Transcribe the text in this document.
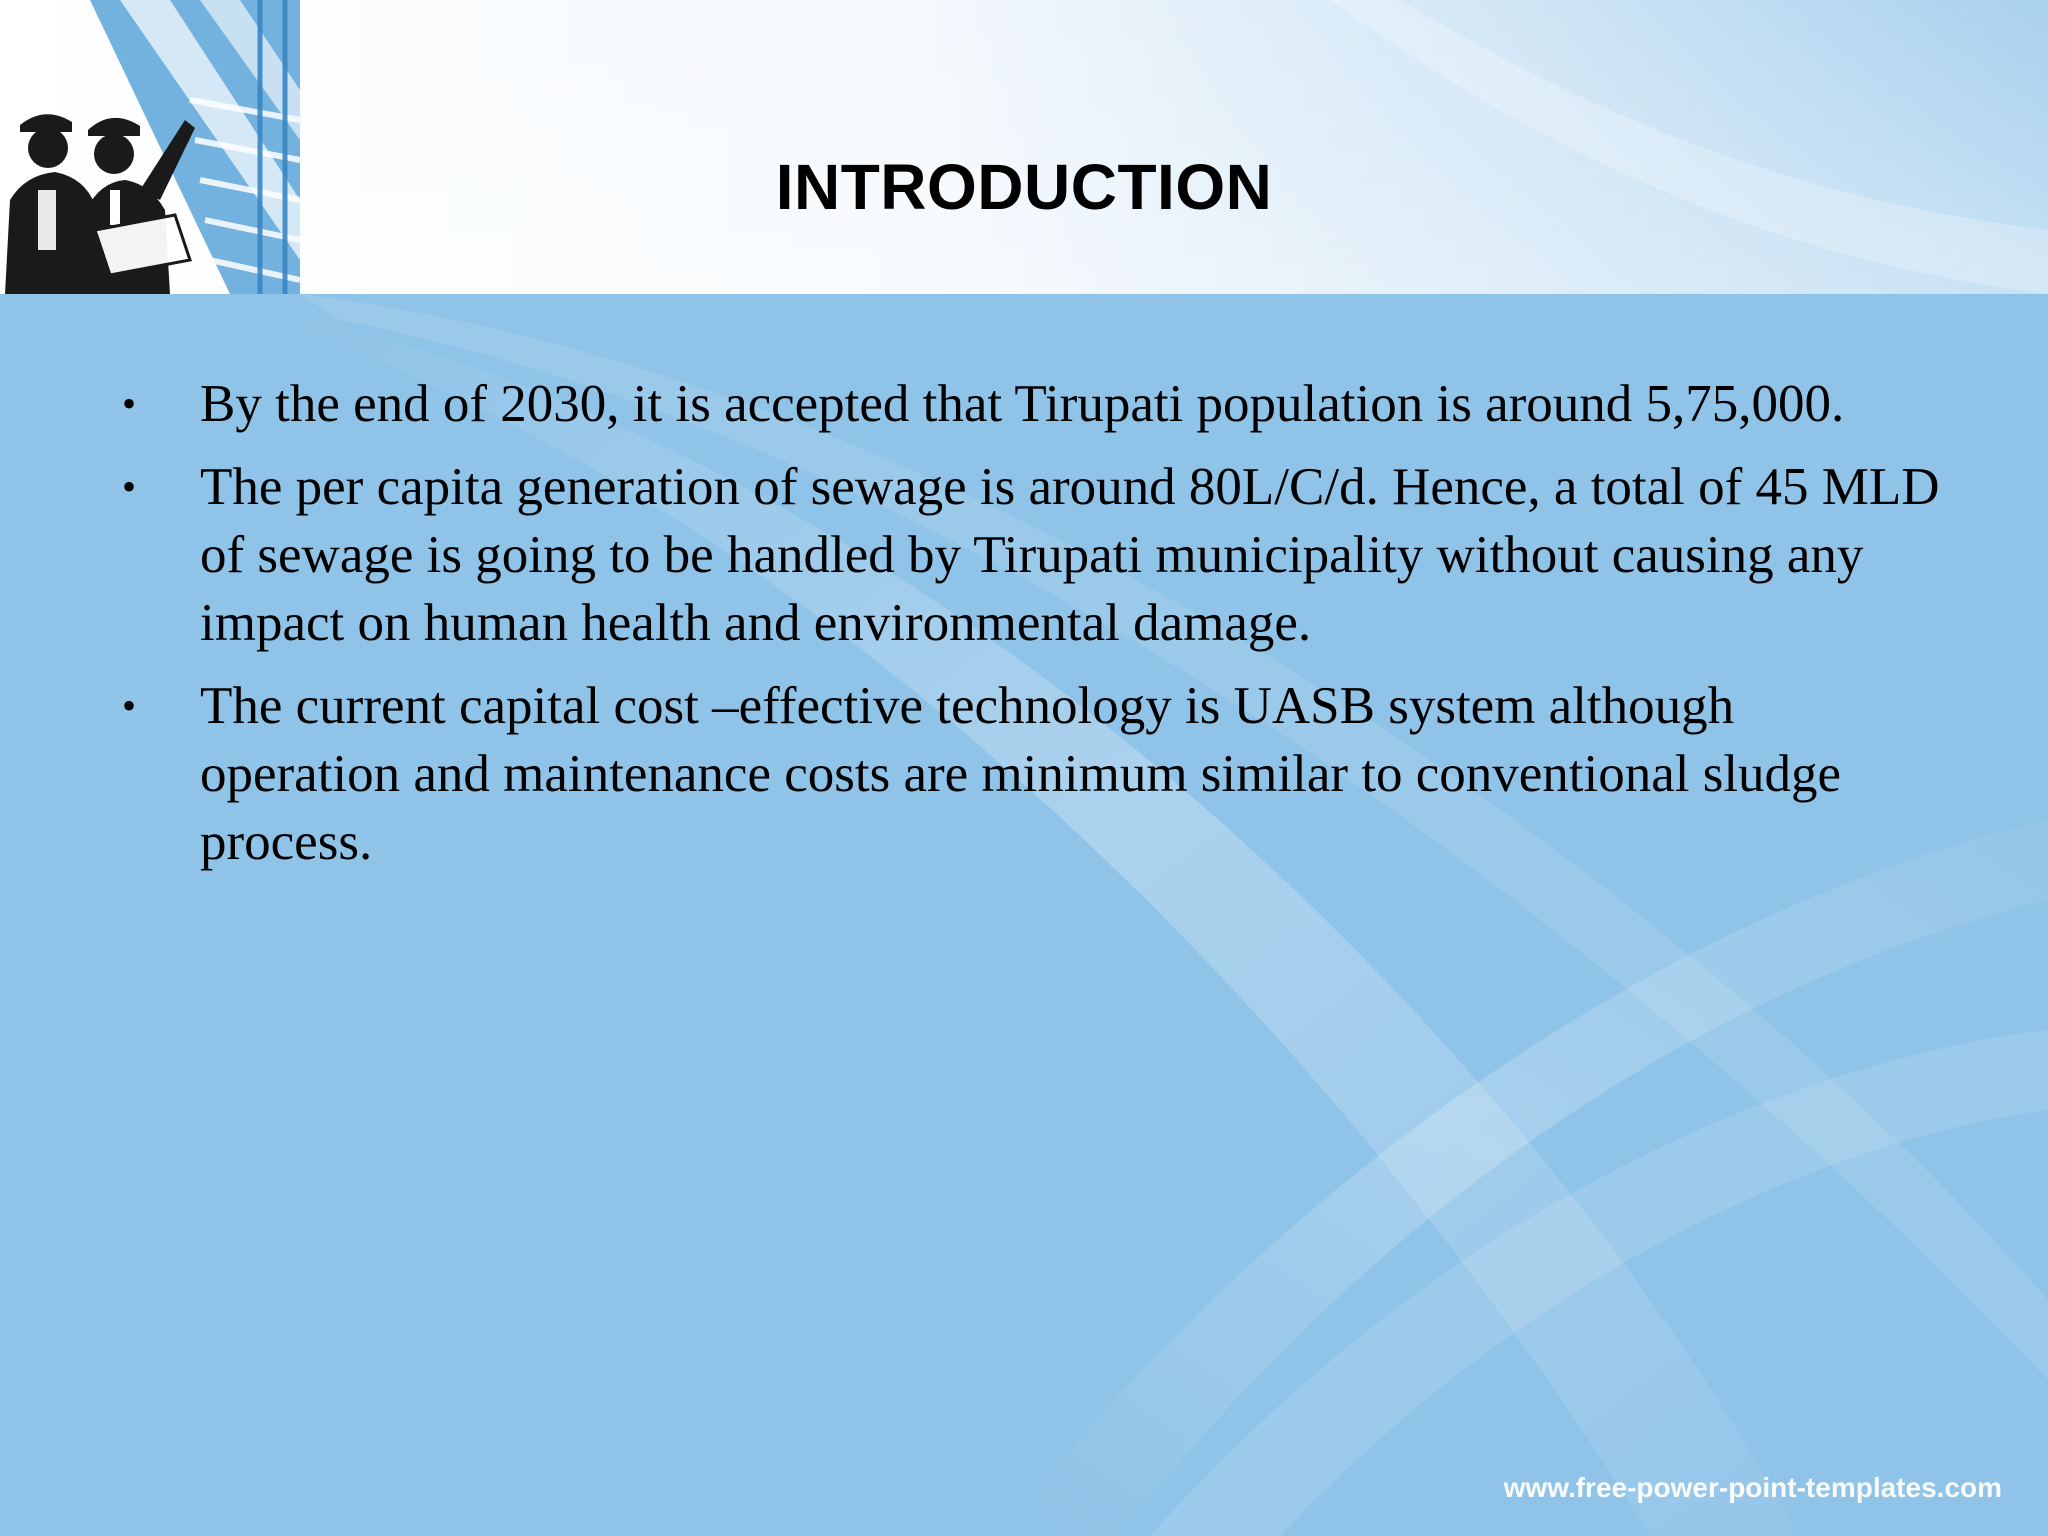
INTRODUCTION
• By the end of 2030, it is accepted that Tirupati population is around 5,75,000.
• The per capita generation of sewage is around 80L/C/d. Hence, a total of 45 MLD of sewage is going to be handled by Tirupati municipality without causing any impact on human health and environmental damage.
• The current capital cost –effective technology is UASB system although operation and maintenance costs are minimum similar to conventional sludge process.
www.free-power-point-templates.com
